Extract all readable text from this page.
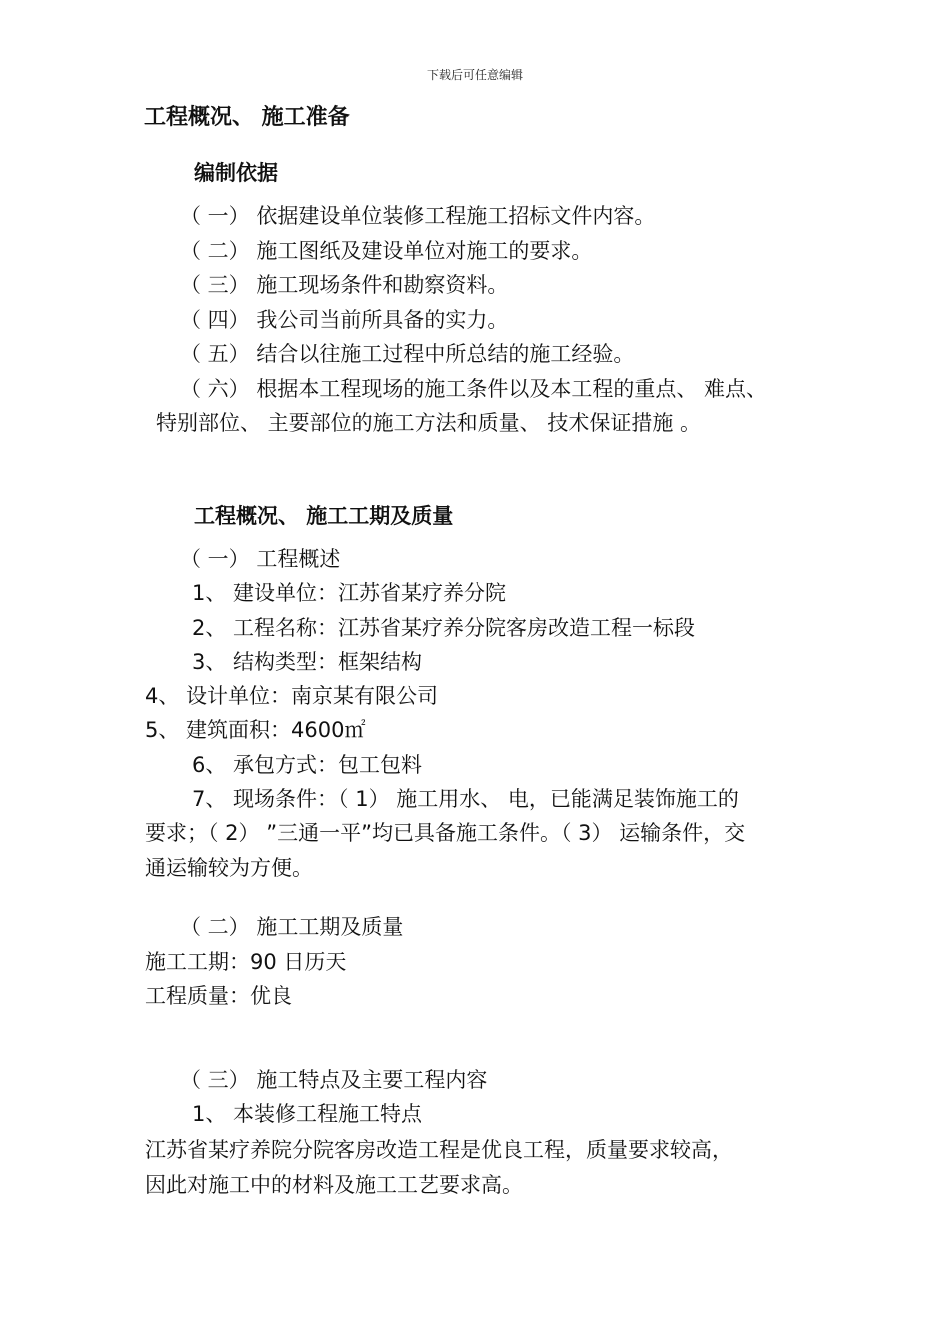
下载后可任意编辑
工程概况、 施工准备
编制依据
（ 一） 依据建设单位装修工程施工招标文件内容。
（ 二） 施工图纸及建设单位对施工的要求。
（ 三） 施工现场条件和勘察资料。
（ 四） 我公司当前所具备的实力。
（ 五） 结合以往施工过程中所总结的施工经验。
（ 六） 根据本工程现场的施工条件以及本工程的重点、 难点、
特别部位、 主要部位的施工方法和质量、 技术保证措施 。
工程概况、 施工工期及质量
（ 一） 工程概述
1、 建设单位：江苏省某疗养分院
2、 工程名称：江苏省某疗养分院客房改造工程一标段
3、 结构类型：框架结构
4、 设计单位：南京某有限公司
5、 建筑面积：4600㎡
6、 承包方式：包工包料
7、 现场条件：（ 1） 施工用水、 电，已能满足装饰施工的
要求；（ 2） ”三通一平”均已具备施工条件。（ 3） 运输条件，交
通运输较为方便。
（ 二） 施工工期及质量
施工工期：90 日历天
工程质量：优良
（ 三） 施工特点及主要工程内容
1、 本装修工程施工特点
江苏省某疗养院分院客房改造工程是优良工程，质量要求较高，
因此对施工中的材料及施工工艺要求高。
